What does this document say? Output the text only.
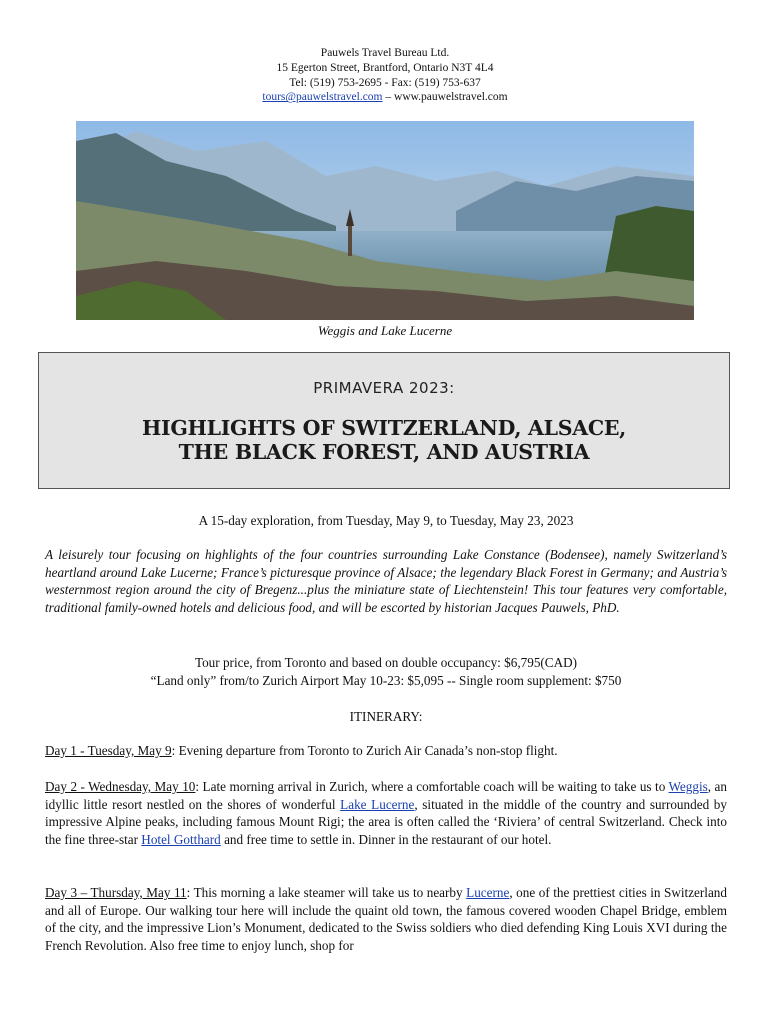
Pauwels Travel Bureau Ltd.
15 Egerton Street, Brantford, Ontario N3T 4L4
Tel: (519) 753-2695 - Fax: (519) 753-637
tours@pauwelstravel.com – www.pauwelstravel.com
Weggis and Lake Lucerne
PRIMAVERA 2023:
HIGHLIGHTS OF SWITZERLAND, ALSACE,
THE BLACK FOREST, AND AUSTRIA
A 15-day exploration, from Tuesday, May 9, to Tuesday, May 23, 2023
A leisurely tour focusing on highlights of the four countries surrounding Lake Constance (Bodensee), namely Switzerland’s heartland around Lake Lucerne; France’s picturesque province of Alsace; the legendary Black Forest in Germany; and Austria’s westernmost region around the city of Bregenz...plus the miniature state of Liechtenstein! This tour features very comfortable, traditional family-owned hotels and delicious food, and will be escorted by historian Jacques Pauwels, PhD.
Tour price, from Toronto and based on double occupancy: $6,795(CAD)
“Land only” from/to Zurich Airport May 10-23: $5,095 -- Single room supplement: $750
ITINERARY:
Day 1 - Tuesday, May 9: Evening departure from Toronto to Zurich Air Canada’s non-stop flight.
Day 2 - Wednesday, May 10: Late morning arrival in Zurich, where a comfortable coach will be waiting to take us to Weggis, an idyllic little resort nestled on the shores of wonderful Lake Lucerne, situated in the middle of the country and surrounded by impressive Alpine peaks, including famous Mount Rigi; the area is often called the ‘Riviera’ of central Switzerland. Check into the fine three-star Hotel Gotthard and free time to settle in. Dinner in the restaurant of our hotel.
Day 3 – Thursday, May 11: This morning a lake steamer will take us to nearby Lucerne, one of the prettiest cities in Switzerland and all of Europe. Our walking tour here will include the quaint old town, the famous covered wooden Chapel Bridge, emblem of the city, and the impressive Lion’s Monument, dedicated to the Swiss soldiers who died defending King Louis XVI during the French Revolution. Also free time to enjoy lunch, shop for
